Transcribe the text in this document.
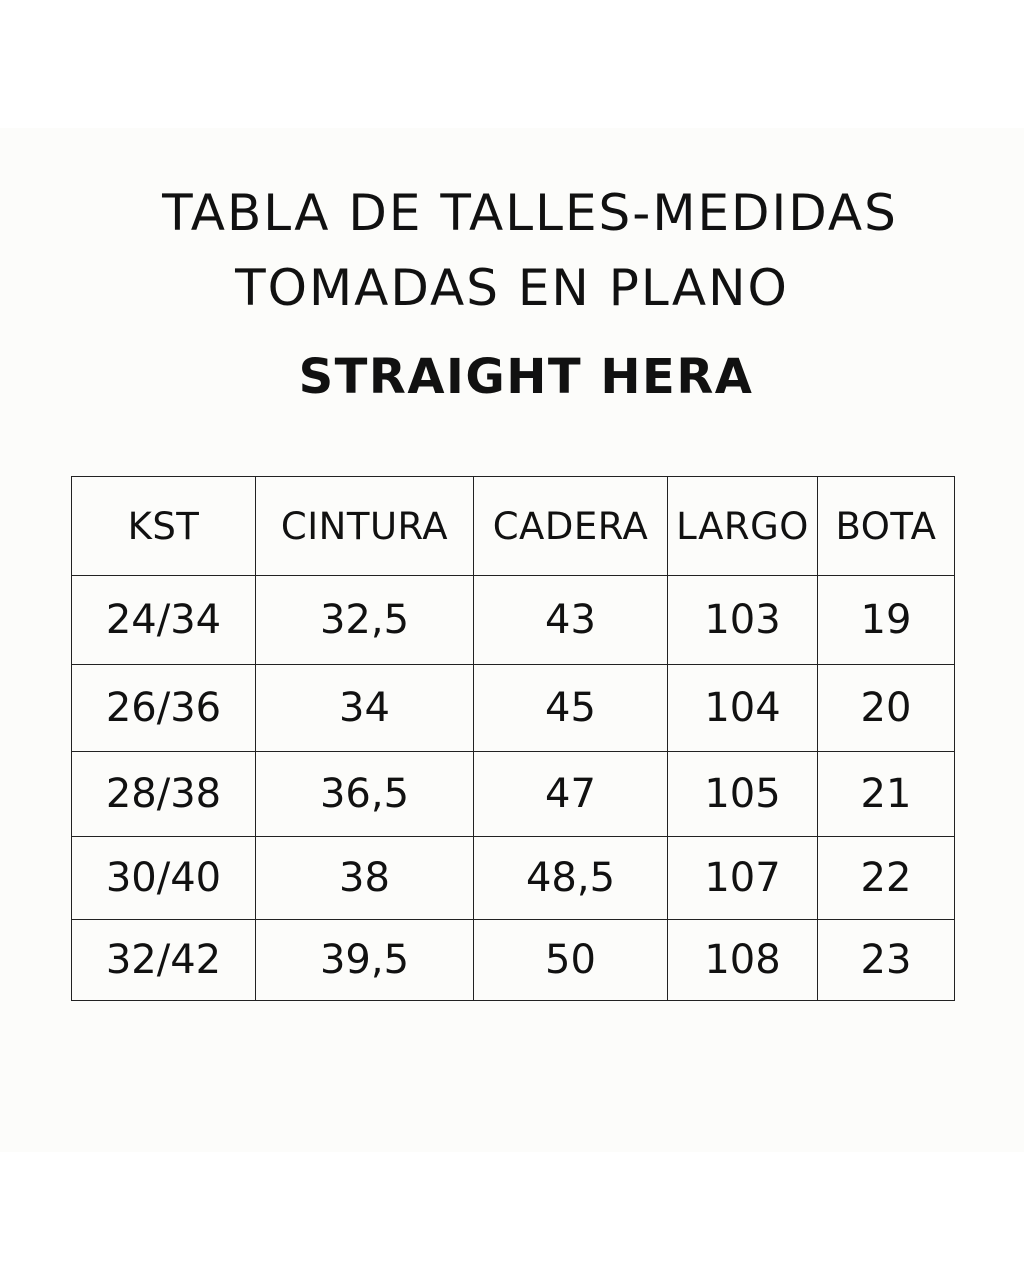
TABLA DE TALLES-MEDIDAS
TOMADAS EN PLANO
STRAIGHT HERA
KST	CINTURA	CADERA	LARGO	BOTA
24/34	32,5	43	103	19
26/36	34	45	104	20
28/38	36,5	47	105	21
30/40	38	48,5	107	22
32/42	39,5	50	108	23
